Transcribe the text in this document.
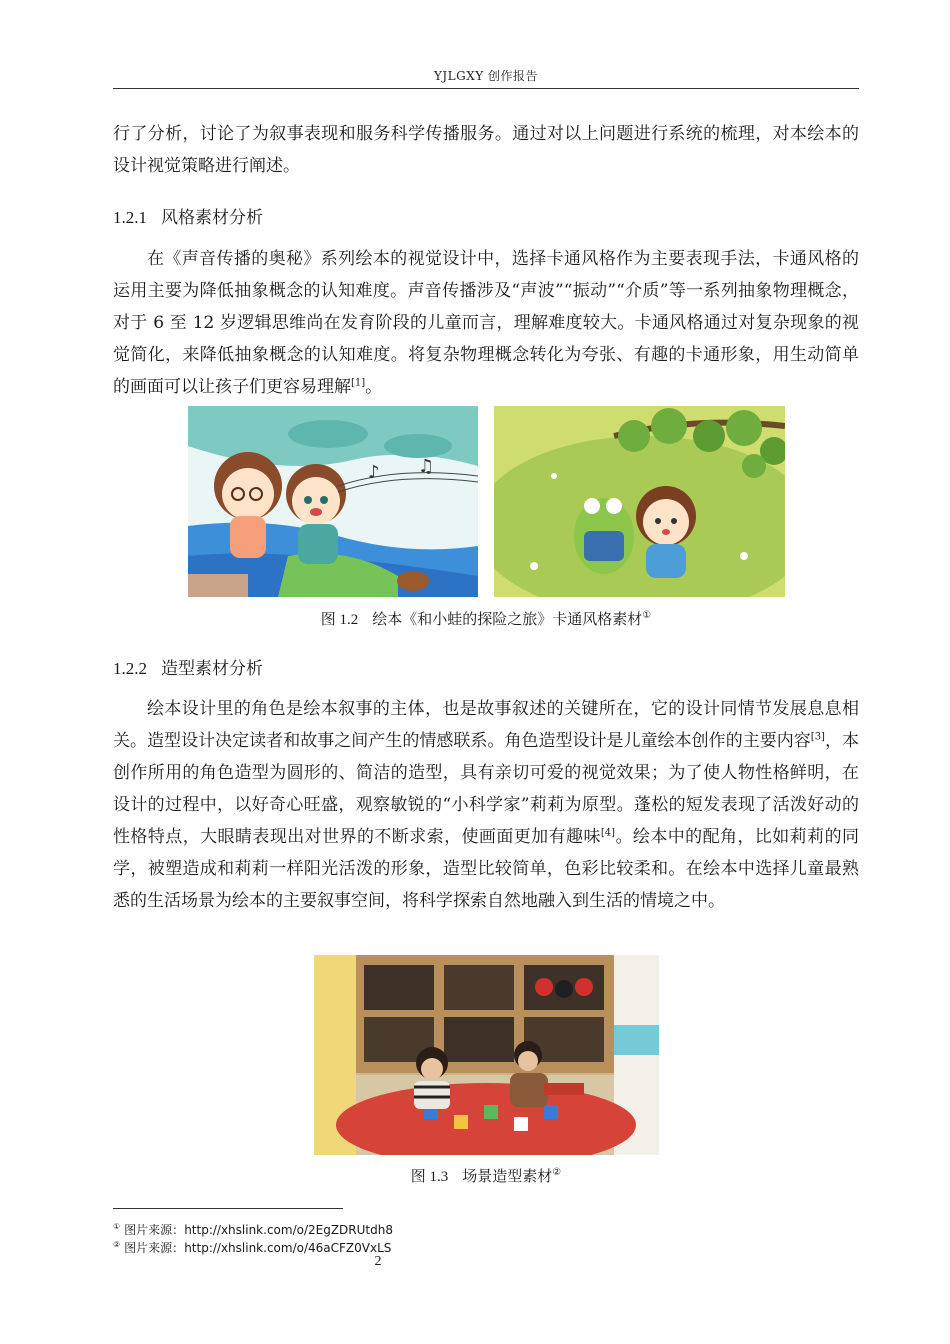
YJLGXY 创作报告

行了分析，讨论了为叙事表现和服务科学传播服务。通过对以上问题进行系统的梳理，对本绘本的设计视觉策略进行阐述。

1.2.1 风格素材分析

在《声音传播的奥秘》系列绘本的视觉设计中，选择卡通风格作为主要表现手法，卡通风格的运用主要为降低抽象概念的认知难度。声音传播涉及“声波”“振动”“介质”等一系列抽象物理概念，对于 6 至 12 岁逻辑思维尚在发育阶段的儿童而言，理解难度较大。卡通风格通过对复杂现象的视觉简化，来降低抽象概念的认知难度。将复杂物理概念转化为夸张、有趣的卡通形象，用生动简单的画面可以让孩子们更容易理解[1]。

♪ ♫
图 1.2 绘本《和小蛙的探险之旅》卡通风格素材①
1.2.2 造型素材分析

绘本设计里的角色是绘本叙事的主体，也是故事叙述的关键所在，它的设计同情节发展息息相关。造型设计决定读者和故事之间产生的情感联系。角色造型设计是儿童绘本创作的主要内容[3]，本创作所用的角色造型为圆形的、简洁的造型，具有亲切可爱的视觉效果；为了使人物性格鲜明，在设计的过程中，以好奇心旺盛，观察敏锐的“小科学家”莉莉为原型。蓬松的短发表现了活泼好动的性格特点，大眼睛表现出对世界的不断求索，使画面更加有趣味[4]。绘本中的配角，比如莉莉的同学，被塑造成和莉莉一样阳光活泼的形象，造型比较简单，色彩比较柔和。在绘本中选择儿童最熟悉的生活场景为绘本的主要叙事空间，将科学探索自然地融入到生活的情境之中。

图 1.3 场景造型素材②
① 图片来源：http://xhslink.com/o/2EgZDRUtdh8
② 图片来源：http://xhslink.com/o/46aCFZ0VxLS
2
